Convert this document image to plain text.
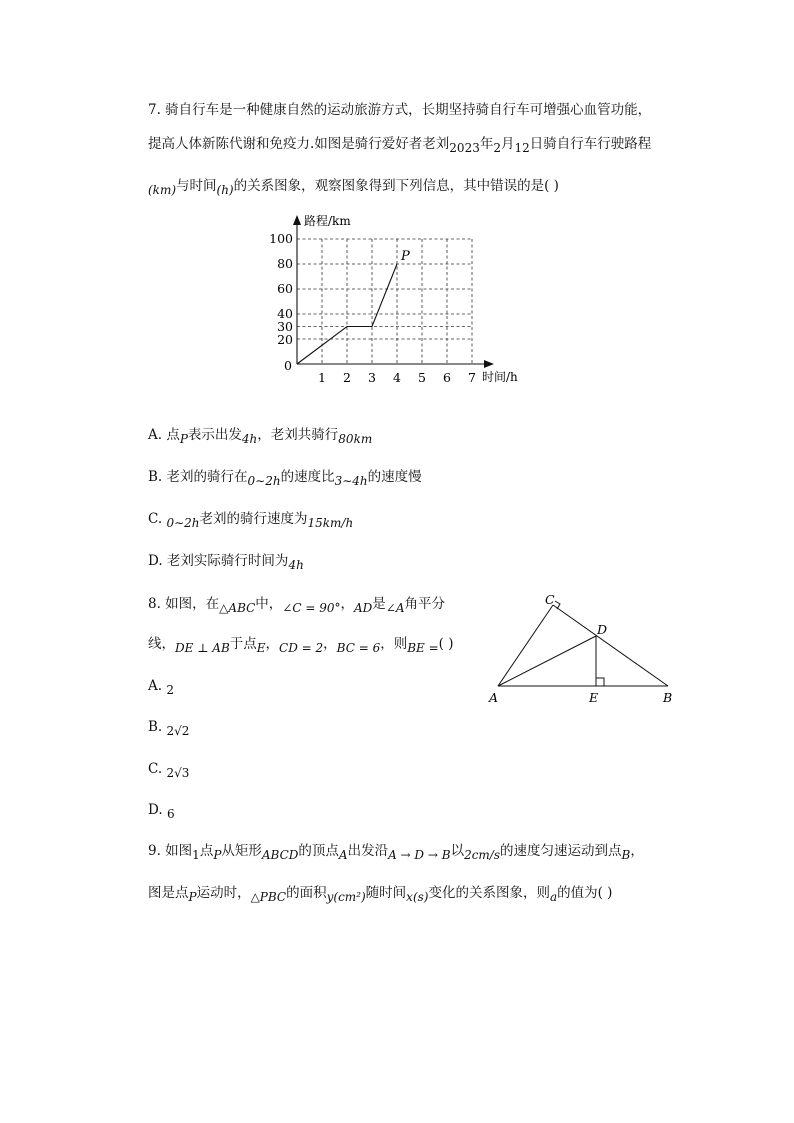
7. 骑自行车是一种健康自然的运动旅游方式，长期坚持骑自行车可增强心血管功能，
提高人体新陈代谢和免疫力.如图是骑行爱好者老刘2023年2月12日骑自行车行驶路程
(km)与时间(h)的关系图象，观察图象得到下列信息，其中错误的是( )
路程/km
时间/h
100
80
60
40
30
20
0
1 2 3 4 5 6 7
P
A. 点P表示出发4h，老刘共骑行80km
B. 老刘的骑行在0∼2h的速度比3∼4h的速度慢
C. 0∼2h老刘的骑行速度为15km/h
D. 老刘实际骑行时间为4h
8. 如图，在△ABC中，∠C = 90°，AD是∠A角平分
线，DE ⊥ AB于点E，CD = 2，BC = 6，则BE =( )
A. 2
B. 2√2
C. 2√3
D. 6
C
D
A	E	B
9. 如图1点P从矩形ABCD的顶点A出发沿A → D → B以2cm/s的速度匀速运动到点B，
图是点P运动时，△PBC的面积y(cm²)随时间x(s)变化的关系图象，则a的值为( )
